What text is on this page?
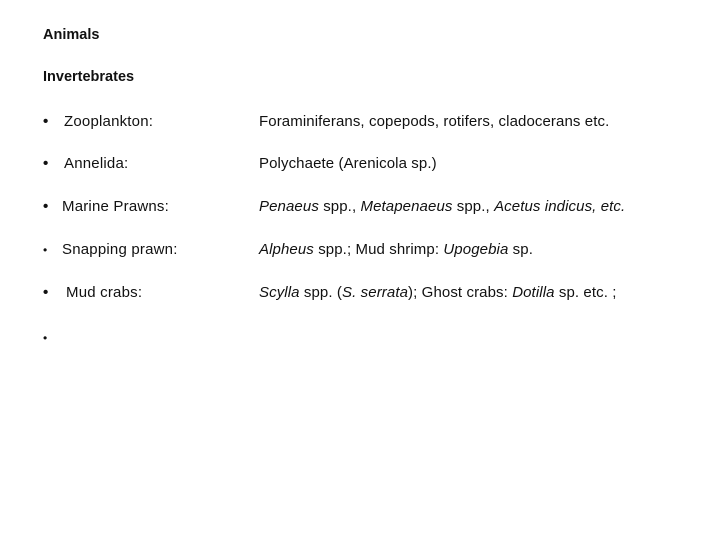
Animals
Invertebrates
• Zooplankton:	Foraminiferans, copepods, rotifers, cladocerans etc.
• Annelida:	Polychaete (Arenicola sp.)
• Marine Prawns:	Penaeus spp., Metapenaeus spp., Acetus indicus, etc.
• Snapping prawn:	Alpheus spp.; Mud shrimp: Upogebia sp.
• Mud crabs:	Scylla spp. (S. serrata); Ghost crabs: Dotilla sp. etc. ;
•
